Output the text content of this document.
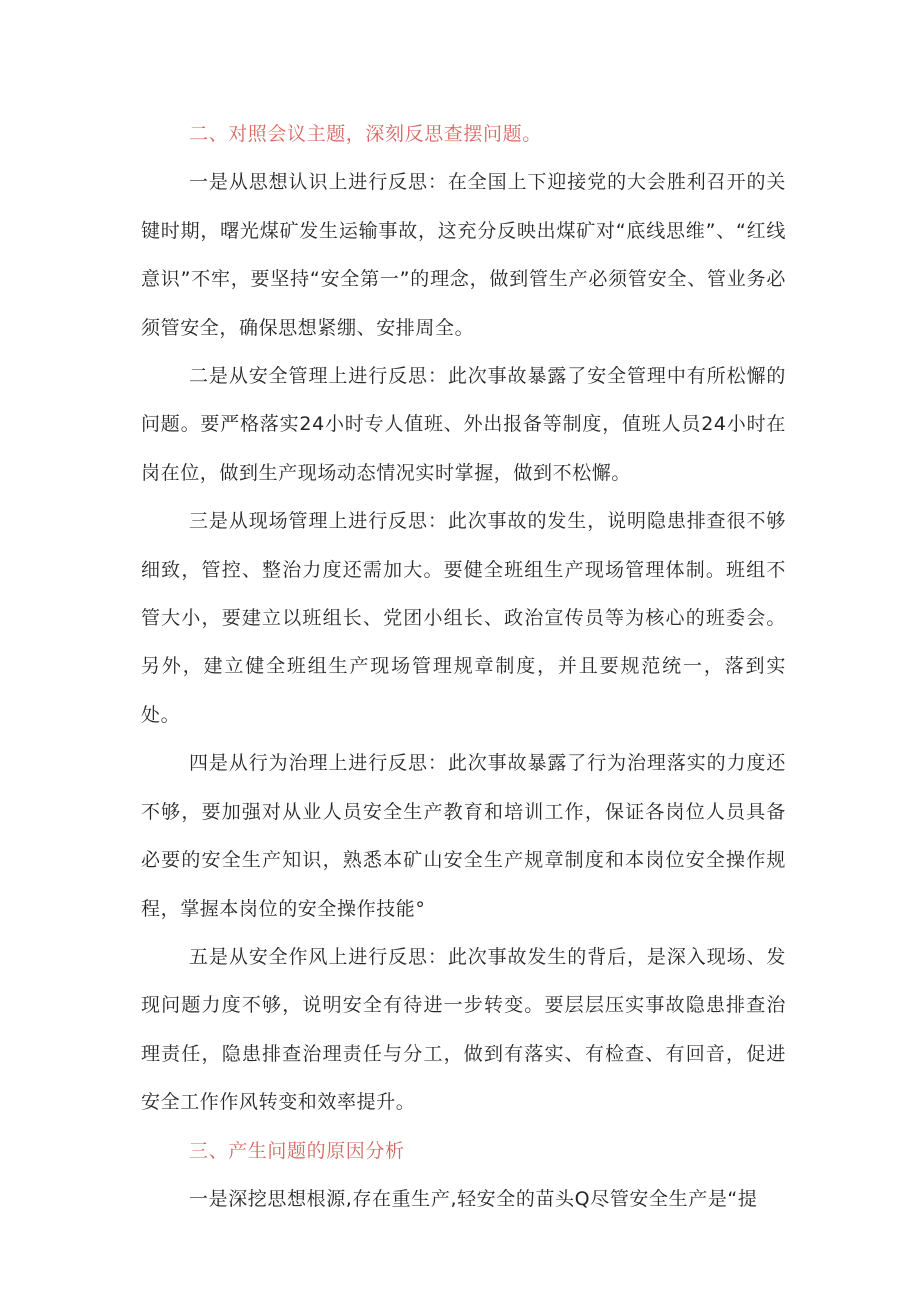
二、对照会议主题，深刻反思查摆问题。

一是从思想认识上进行反思：在全国上下迎接党的大会胜利召开的关键时期，曙光煤矿发生运输事故，这充分反映出煤矿对“底线思维”、“红线意识”不牢，要坚持“安全第一”的理念，做到管生产必须管安全、管业务必须管安全，确保思想紧绷、安排周全。

二是从安全管理上进行反思：此次事故暴露了安全管理中有所松懈的问题。要严格落实24小时专人值班、外出报备等制度，值班人员24小时在岗在位，做到生产现场动态情况实时掌握，做到不松懈。

三是从现场管理上进行反思：此次事故的发生，说明隐患排查很不够细致，管控、整治力度还需加大。要健全班组生产现场管理体制。班组不管大小，要建立以班组长、党团小组长、政治宣传员等为核心的班委会。另外，建立健全班组生产现场管理规章制度，并且要规范统一，落到实处。

四是从行为治理上进行反思：此次事故暴露了行为治理落实的力度还不够，要加强对从业人员安全生产教育和培训工作，保证各岗位人员具备必要的安全生产知识，熟悉本矿山安全生产规章制度和本岗位安全操作规程，掌握本岗位的安全操作技能°

五是从安全作风上进行反思：此次事故发生的背后，是深入现场、发现问题力度不够，说明安全有待进一步转变。要层层压实事故隐患排查治理责任，隐患排查治理责任与分工，做到有落实、有检查、有回音，促进安全工作作风转变和效率提升。

三、产生问题的原因分析

一是深挖思想根源,存在重生产,轻安全的苗头Q尽管安全生产是“提
